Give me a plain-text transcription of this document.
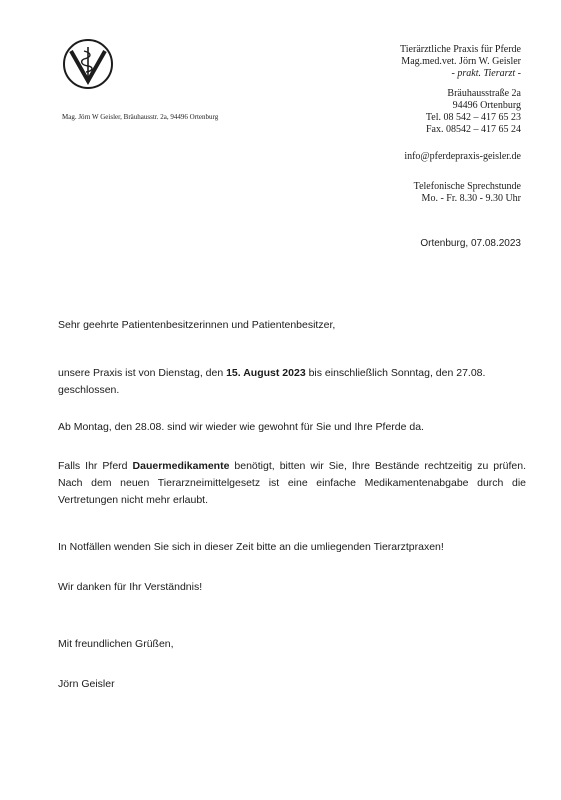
Mag. Jörn W Geisler, Bräuhausstr. 2a, 94496 Ortenburg
Tierärztliche Praxis für Pferde
Mag.med.vet. Jörn W. Geisler
- prakt. Tierarzt -
Bräuhausstraße 2a
94496 Ortenburg
Tel. 08 542 – 417 65 23
Fax. 08542 – 417 65 24
info@pferdepraxis-geisler.de
Telefonische Sprechstunde
Mo. - Fr. 8.30 - 9.30 Uhr
Ortenburg, 07.08.2023
Sehr geehrte Patientenbesitzerinnen und Patientenbesitzer,
unsere Praxis ist von Dienstag, den 15. August 2023 bis einschließlich Sonntag, den 27.08. geschlossen.
Ab Montag, den 28.08. sind wir wieder wie gewohnt für Sie und Ihre Pferde da.
Falls Ihr Pferd Dauermedikamente benötigt, bitten wir Sie, Ihre Bestände rechtzeitig zu prüfen. Nach dem neuen Tierarzneimittelgesetz ist eine einfache Medikamentenabgabe durch die Vertretungen nicht mehr erlaubt.
In Notfällen wenden Sie sich in dieser Zeit bitte an die umliegenden Tierarztpraxen!
Wir danken für Ihr Verständnis!
Mit freundlichen Grüßen,
Jörn Geisler
